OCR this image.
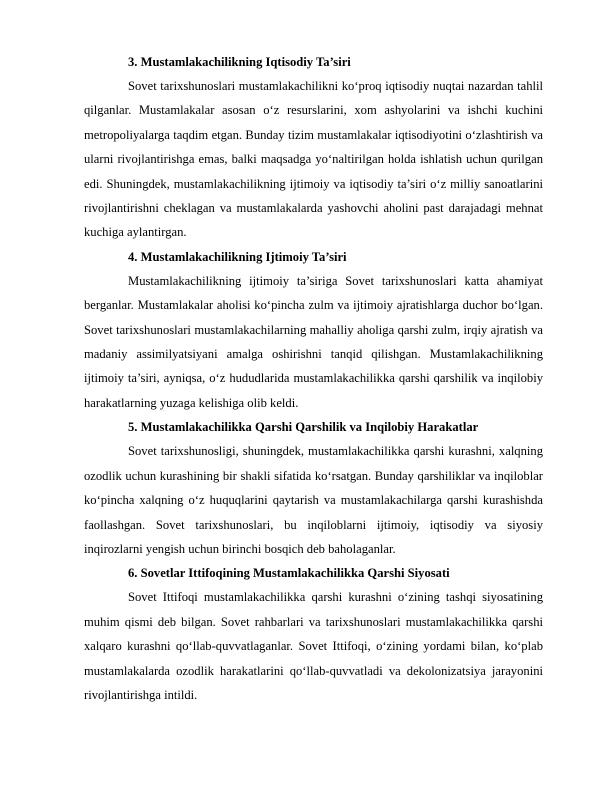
3. Mustamlakachilikning Iqtisodiy Ta’siri

Sovet tarixshunoslari mustamlakachilikni ko‘proq iqtisodiy nuqtai nazardan tahlil qilganlar. Mustamlakalar asosan o‘z resurslarini, xom ashyolarini va ishchi kuchini metropoliyalarga taqdim etgan. Bunday tizim mustamlakalar iqtisodiyotini o‘zlashtirish va ularni rivojlantirishga emas, balki maqsadga yo‘naltirilgan holda ishlatish uchun qurilgan edi. Shuningdek, mustamlakachilikning ijtimoiy va iqtisodiy ta’siri o‘z milliy sanoatlarini rivojlantirishni cheklagan va mustamlakalarda yashovchi aholini past darajadagi mehnat kuchiga aylantirgan.

4. Mustamlakachilikning Ijtimoiy Ta’siri

Mustamlakachilikning ijtimoiy ta’siriga Sovet tarixshunoslari katta ahamiyat berganlar. Mustamlakalar aholisi ko‘pincha zulm va ijtimoiy ajratishlarga duchor bo‘lgan. Sovet tarixshunoslari mustamlakachilarning mahalliy aholiga qarshi zulm, irqiy ajratish va madaniy assimilyatsiyani amalga oshirishni tanqid qilishgan. Mustamlakachilikning ijtimoiy ta’siri, ayniqsa, o‘z hududlarida mustamlakachilikka qarshi qarshilik va inqilobiy harakatlarning yuzaga kelishiga olib keldi.

5. Mustamlakachilikka Qarshi Qarshilik va Inqilobiy Harakatlar

Sovet tarixshunosligi, shuningdek, mustamlakachilikka qarshi kurashni, xalqning ozodlik uchun kurashining bir shakli sifatida ko‘rsatgan. Bunday qarshiliklar va inqiloblar ko‘pincha xalqning o‘z huquqlarini qaytarish va mustamlakachilarga qarshi kurashishda faollashgan. Sovet tarixshunoslari, bu inqiloblarni ijtimoiy, iqtisodiy va siyosiy inqirozlarni yengish uchun birinchi bosqich deb baholaganlar.

6. Sovetlar Ittifoqining Mustamlakachilikka Qarshi Siyosati

Sovet Ittifoqi mustamlakachilikka qarshi kurashni o‘zining tashqi siyosatining muhim qismi deb bilgan. Sovet rahbarlari va tarixshunoslari mustamlakachilikka qarshi xalqaro kurashni qo‘llab-quvvatlaganlar. Sovet Ittifoqi, o‘zining yordami bilan, ko‘plab mustamlakalarda ozodlik harakatlarini qo‘llab-quvvatladi va dekolonizatsiya jarayonini rivojlantirishga intildi.
